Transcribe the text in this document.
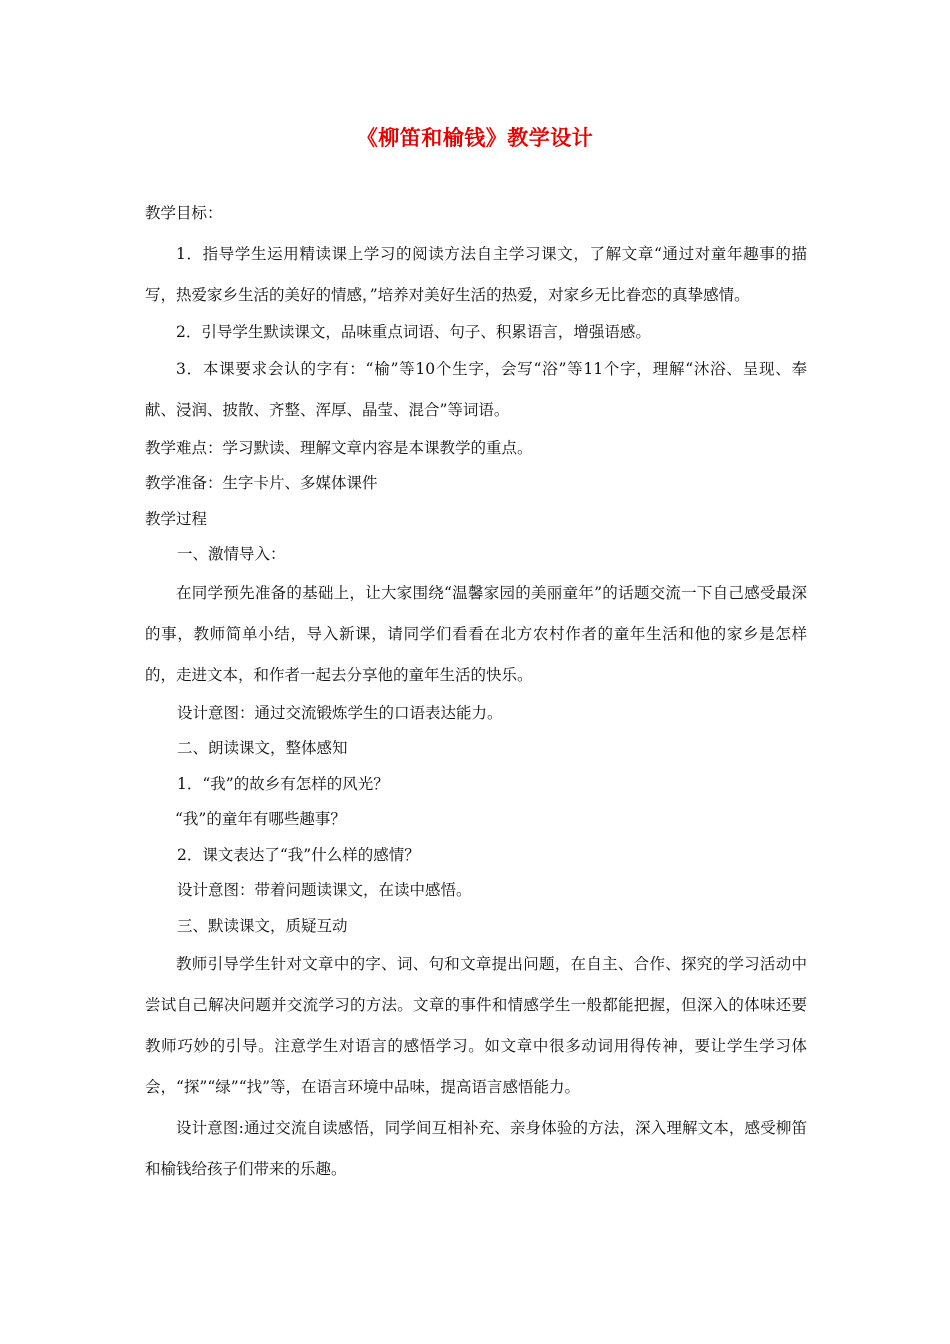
《柳笛和榆钱》教学设计
教学目标：
1．指导学生运用精读课上学习的阅读方法自主学习课文，了解文章“通过对童年趣事的描写，热爱家乡生活的美好的情感，”培养对美好生活的热爱，对家乡无比眷恋的真挚感情。
2．引导学生默读课文，品味重点词语、句子、积累语言，增强语感。
3．本课要求会认的字有：“榆”等10个生字，会写“浴”等11个字，理解“沐浴、呈现、奉献、浸润、披散、齐整、浑厚、晶莹、混合”等词语。
教学难点：学习默读、理解文章内容是本课教学的重点。
教学准备：生字卡片、多媒体课件
教学过程
一、激情导入：
在同学预先准备的基础上，让大家围绕“温馨家园的美丽童年”的话题交流一下自己感受最深的事，教师简单小结，导入新课，请同学们看看在北方农村作者的童年生活和他的家乡是怎样的，走进文本，和作者一起去分享他的童年生活的快乐。
设计意图：通过交流锻炼学生的口语表达能力。
二、朗读课文，整体感知
1．“我”的故乡有怎样的风光？
“我”的童年有哪些趣事？
2．课文表达了“我”什么样的感情？
设计意图：带着问题读课文，在读中感悟。
三、默读课文，质疑互动
教师引导学生针对文章中的字、词、句和文章提出问题，在自主、合作、探究的学习活动中尝试自己解决问题并交流学习的方法。文章的事件和情感学生一般都能把握，但深入的体味还要教师巧妙的引导。注意学生对语言的感悟学习。如文章中很多动词用得传神，要让学生学习体会，“探”“绿”“找”等，在语言环境中品味，提高语言感悟能力。
设计意图:通过交流自读感悟，同学间互相补充、亲身体验的方法，深入理解文本，感受柳笛和榆钱给孩子们带来的乐趣。
